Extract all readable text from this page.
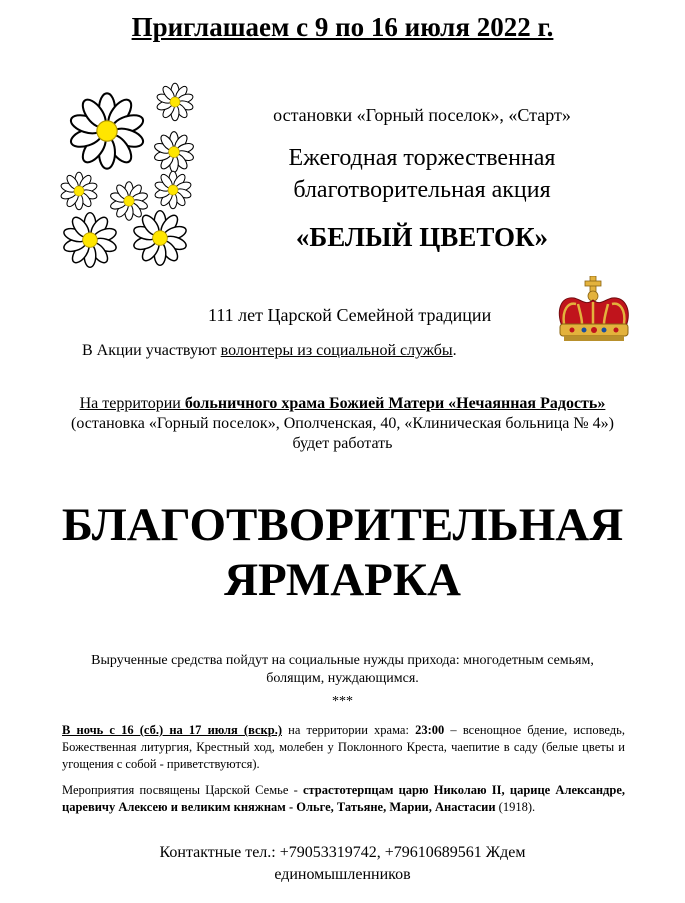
Приглашаем с 9 по 16 июля 2022 г.
остановки «Горный поселок», «Старт»
Ежегодная торжественная
благотворительная акция
«БЕЛЫЙ ЦВЕТОК»
111 лет Царской Семейной традиции
В Акции участвуют волонтеры из социальной службы.
На территории больничного храма Божией Матери «Нечаянная Радость» (остановка «Горный поселок», Ополченская, 40, «Клиническая больница № 4») будет работать
БЛАГОТВОРИТЕЛЬНАЯ
ЯРМАРКА
Вырученные средства пойдут на социальные нужды прихода: многодетным семьям, болящим, нуждающимся.
***
В ночь с 16 (сб.) на 17 июля (вскр.) на территории храма: 23:00 – всенощное бдение, исповедь, Божественная литургия, Крестный ход, молебен у Поклонного Креста, чаепитие в саду (белые цветы и угощения с собой - приветствуются).
Мероприятия посвящены Царской Семье - страстотерпцам царю Николаю II, царице Александре, царевичу Алексею и великим княжнам - Ольге, Татьяне, Марии, Анастасии (1918).
Контактные тел.: +79053319742, +79610689561 Ждем
единомышленников
